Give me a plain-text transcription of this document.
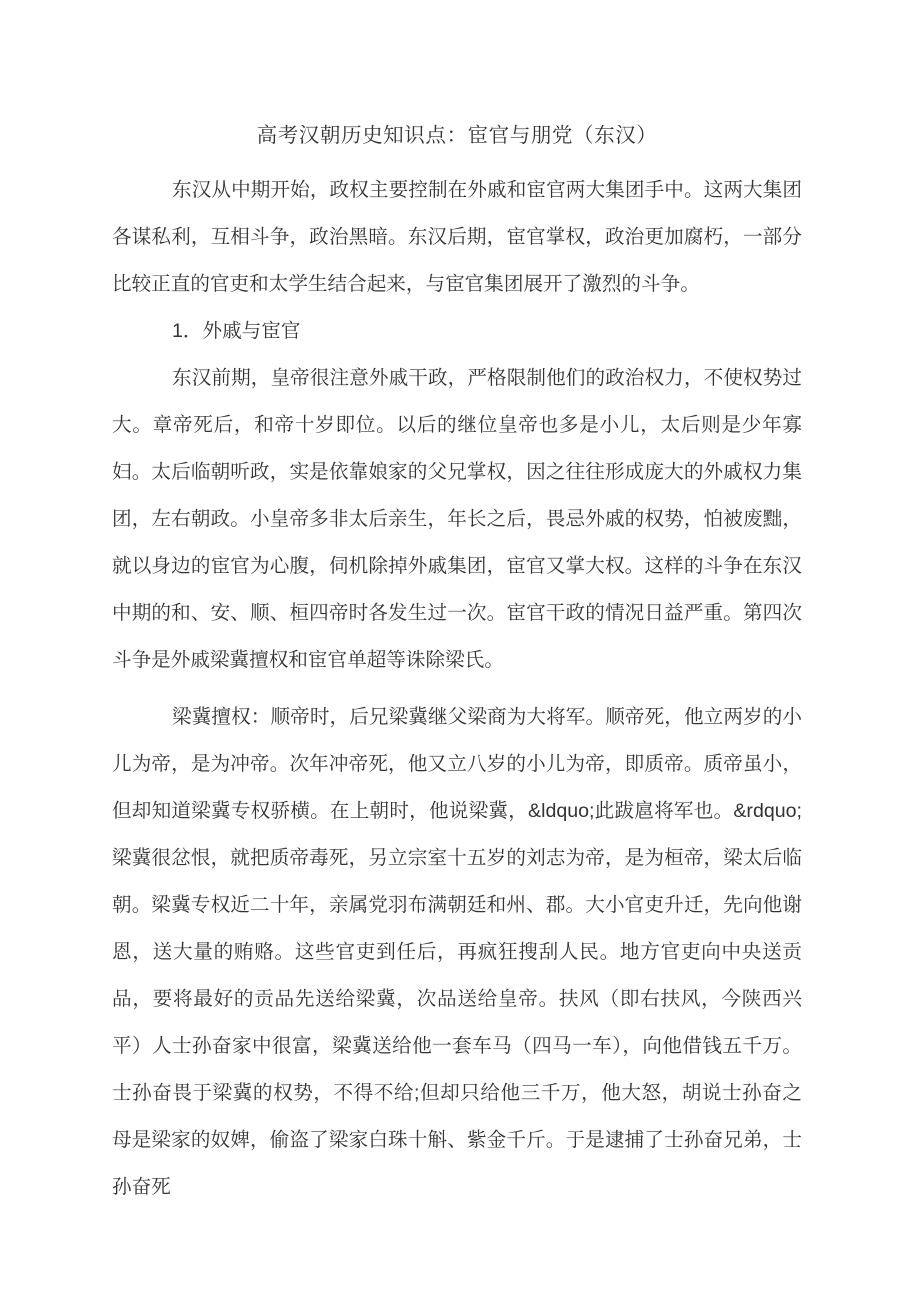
高考汉朝历史知识点：宦官与朋党（东汉）

东汉从中期开始，政权主要控制在外戚和宦官两大集团手中。这两大集团各谋私利，互相斗争，政治黑暗。东汉后期，宦官掌权，政治更加腐朽，一部分比较正直的官吏和太学生结合起来，与宦官集团展开了激烈的斗争。

1．外戚与宦官

东汉前期，皇帝很注意外戚干政，严格限制他们的政治权力，不使权势过大。章帝死后，和帝十岁即位。以后的继位皇帝也多是小儿，太后则是少年寡妇。太后临朝听政，实是依靠娘家的父兄掌权，因之往往形成庞大的外戚权力集团，左右朝政。小皇帝多非太后亲生，年长之后，畏忌外戚的权势，怕被废黜，就以身边的宦官为心腹，伺机除掉外戚集团，宦官又掌大权。这样的斗争在东汉中期的和、安、顺、桓四帝时各发生过一次。宦官干政的情况日益严重。第四次斗争是外戚梁冀擅权和宦官单超等诛除梁氏。

梁冀擅权：顺帝时，后兄梁冀继父梁商为大将军。顺帝死，他立两岁的小儿为帝，是为冲帝。次年冲帝死，他又立八岁的小儿为帝，即质帝。质帝虽小，但却知道梁冀专权骄横。在上朝时，他说梁冀，&ldquo;此跋扈将军也。&rdquo;梁冀很忿恨，就把质帝毒死，另立宗室十五岁的刘志为帝，是为桓帝，梁太后临朝。梁冀专权近二十年，亲属党羽布满朝廷和州、郡。大小官吏升迁，先向他谢恩，送大量的贿赂。这些官吏到任后，再疯狂搜刮人民。地方官吏向中央送贡品，要将最好的贡品先送给梁冀，次品送给皇帝。扶风（即右扶风，今陕西兴平）人士孙奋家中很富，梁冀送给他一套车马（四马一车），向他借钱五千万。士孙奋畏于梁冀的权势，不得不给;但却只给他三千万，他大怒，胡说士孙奋之母是梁家的奴婢，偷盗了梁家白珠十斛、紫金千斤。于是逮捕了士孙奋兄弟，士孙奋死
